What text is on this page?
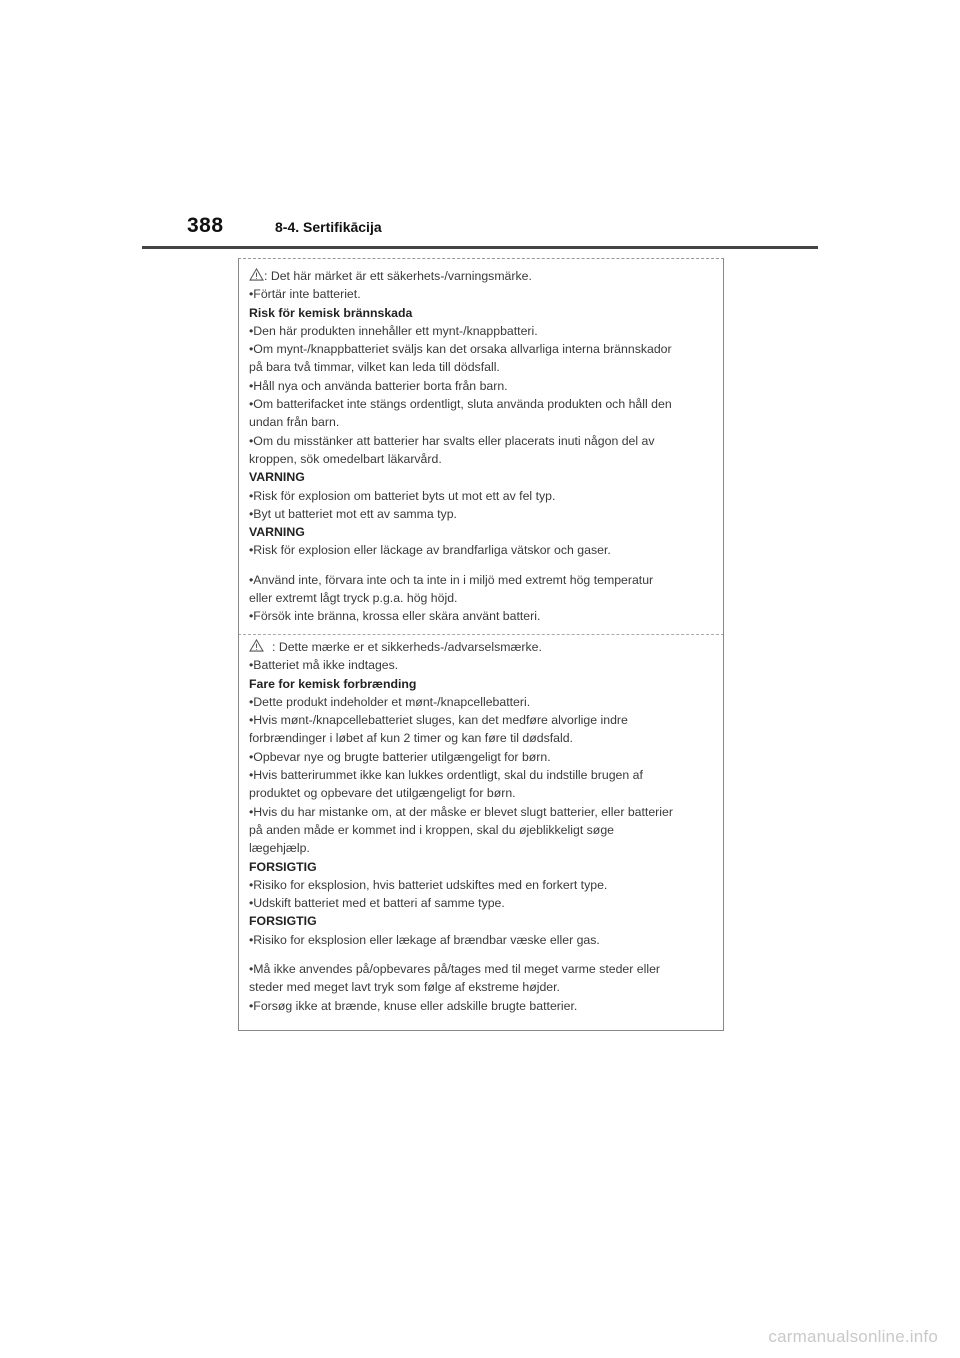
388	8-4. Sertifikācija
: Det här märket är ett säkerhets-/varningsmärke.
•Förtär inte batteriet.
Risk för kemisk brännskada
•Den här produkten innehåller ett mynt-/knappbatteri.
•Om mynt-/knappbatteriet sväljs kan det orsaka allvarliga interna brännskador
på bara två timmar, vilket kan leda till dödsfall.
•Håll nya och använda batterier borta från barn.
•Om batterifacket inte stängs ordentligt, sluta använda produkten och håll den
undan från barn.
•Om du misstänker att batterier har svalts eller placerats inuti någon del av
kroppen, sök omedelbart läkarvård.
VARNING
•Risk för explosion om batteriet byts ut mot ett av fel typ.
•Byt ut batteriet mot ett av samma typ.
VARNING
•Risk för explosion eller läckage av brandfarliga vätskor och gaser.
•Använd inte, förvara inte och ta inte in i miljö med extremt hög temperatur
eller extremt lågt tryck p.g.a. hög höjd.
•Försök inte bränna, krossa eller skära använt batteri.
: Dette mærke er et sikkerheds-/advarselsmærke.
•Batteriet må ikke indtages.
Fare for kemisk forbrænding
•Dette produkt indeholder et mønt-/knapcellebatteri.
•Hvis mønt-/knapcellebatteriet sluges, kan det medføre alvorlige indre
forbrændinger i løbet af kun 2 timer og kan føre til dødsfald.
•Opbevar nye og brugte batterier utilgængeligt for børn.
•Hvis batterirummet ikke kan lukkes ordentligt, skal du indstille brugen af
produktet og opbevare det utilgængeligt for børn.
•Hvis du har mistanke om, at der måske er blevet slugt batterier, eller batterier
på anden måde er kommet ind i kroppen, skal du øjeblikkeligt søge
lægehjælp.
FORSIGTIG
•Risiko for eksplosion, hvis batteriet udskiftes med en forkert type.
•Udskift batteriet med et batteri af samme type.
FORSIGTIG
•Risiko for eksplosion eller lækage af brændbar væske eller gas.
•Må ikke anvendes på/opbevares på/tages med til meget varme steder eller
steder med meget lavt tryk som følge af ekstreme højder.
•Forsøg ikke at brænde, knuse eller adskille brugte batterier.
carmanualsonline.info
